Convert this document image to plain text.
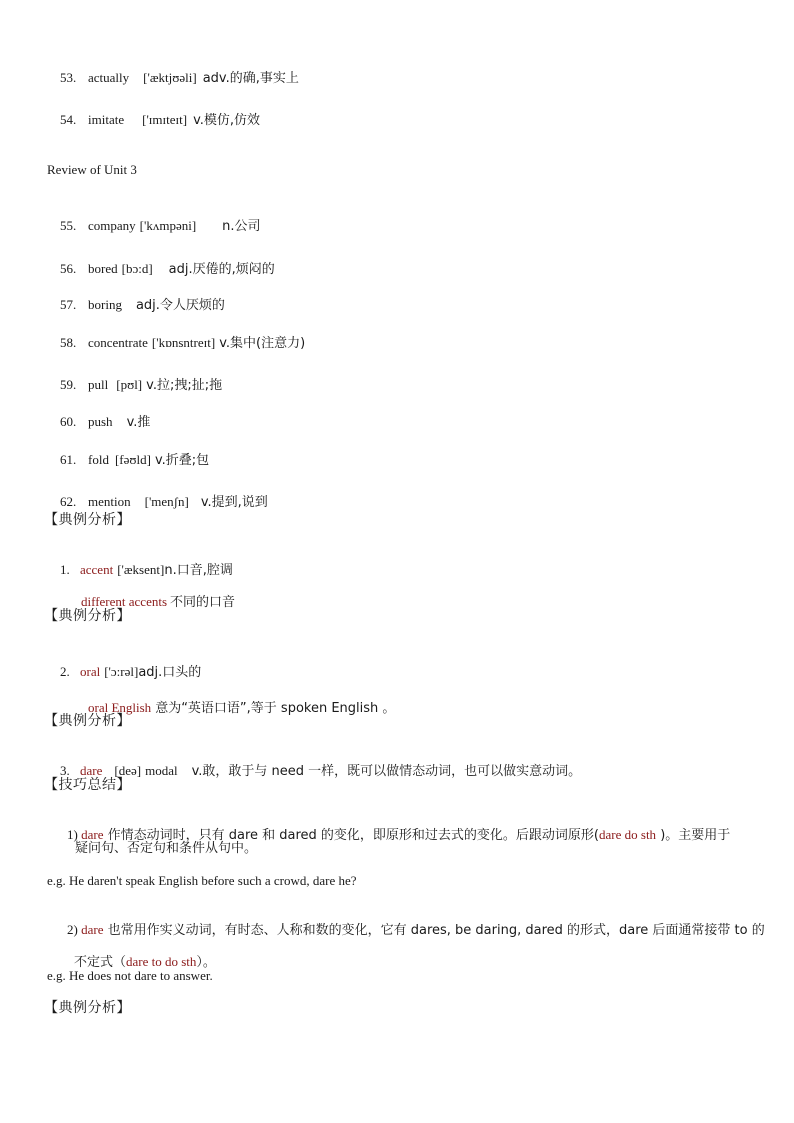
53. actually ['æktjʊəli] adv.的确,事实上

54. imitate ['ɪmɪteɪt] v.模仿,仿效

Review of Unit 3

55. company ['kʌmpəni] n.公司

56. bored [bɔ:d] adj.厌倦的,烦闷的

57. boring adj.令人厌烦的

58. concentrate ['kɒnsntreɪt] v.集中(注意力)

59. pull [pʊl] v.拉;拽;扯;拖

60. push v.推

61. fold [fəʊld] v.折叠;包

62. mention ['menʃn] v.提到,说到

【典例分析】

1. accent ['æksent]n.口音,腔调

different accents 不同的口音

【典例分析】

2. oral ['ɔ:rəl]adj.口头的

oral English 意为“英语口语”,等于 spoken English 。

【典例分析】

3. dare [deə] modal v.敢，敢于与 need 一样，既可以做情态动词，也可以做实意动词。

【技巧总结】

1) dare 作情态动词时，只有 dare 和 dared 的变化，即原形和过去式的变化。后跟动词原形(dare do sth )。主要用于

疑问句、否定句和条件从句中。
e.g. He daren't speak English before such a crowd, dare he?

2) dare 也常用作实义动词，有时态、人称和数的变化，它有 dares, be daring, dared 的形式，dare 后面通常接带 to 的

不定式（dare to do sth）。

e.g. He does not dare to answer.
【典例分析】
